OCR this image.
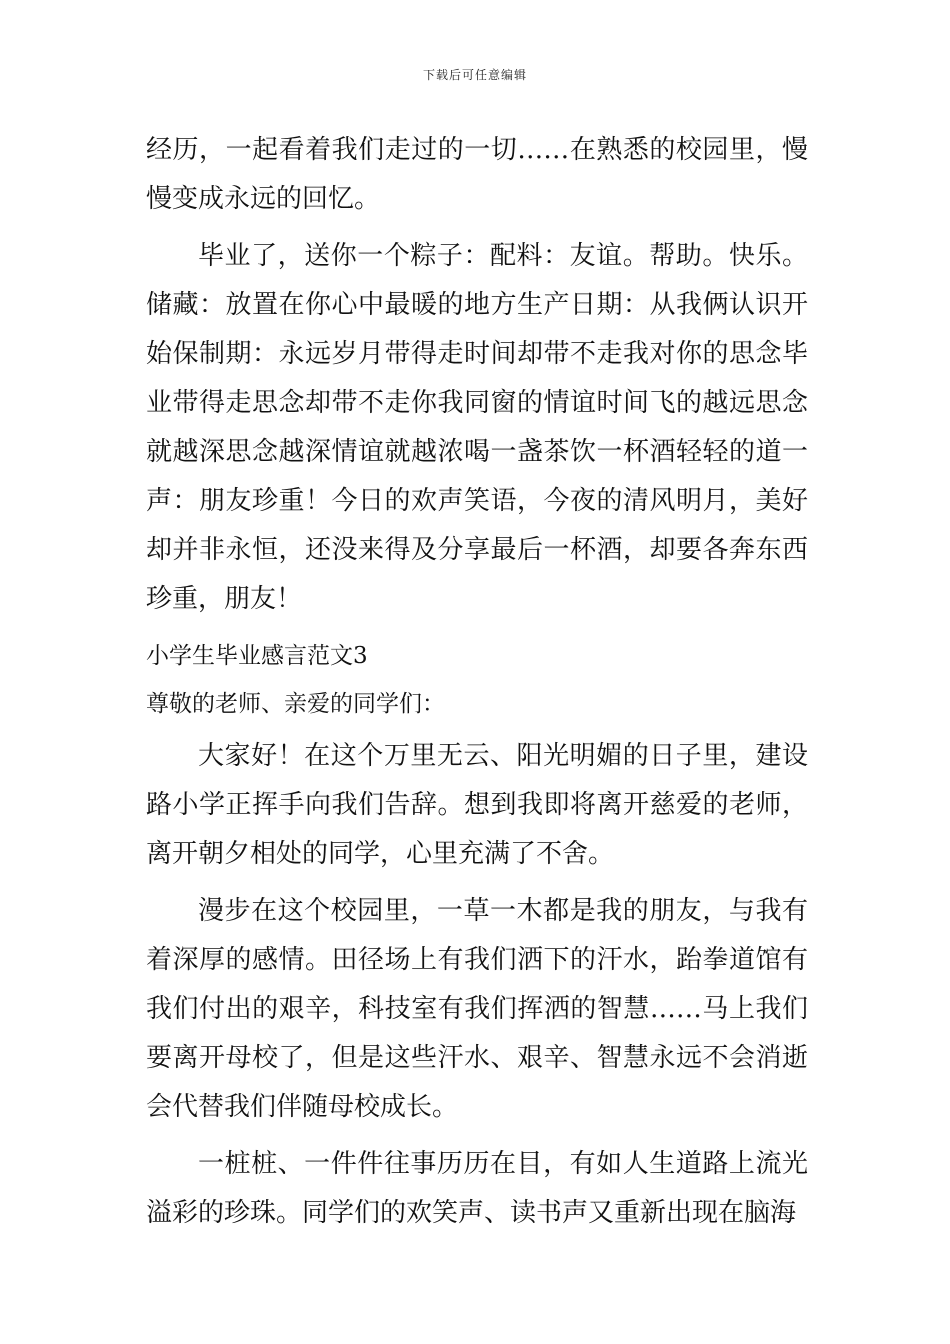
下载后可任意编辑

经历，一起看着我们走过的一切……在熟悉的校园里，慢慢变成永远的回忆。

毕业了，送你一个粽子：配料：友谊。帮助。快乐。储藏：放置在你心中最暖的地方生产日期：从我俩认识开始保制期：永远岁月带得走时间却带不走我对你的思念毕业带得走思念却带不走你我同窗的情谊时间飞的越远思念就越深思念越深情谊就越浓喝一盏茶饮一杯酒轻轻的道一声：朋友珍重！今日的欢声笑语，今夜的清风明月，美好却并非永恒，还没来得及分享最后一杯酒，却要各奔东西珍重，朋友！

小学生毕业感言范文3

尊敬的老师、亲爱的同学们：

大家好！在这个万里无云、阳光明媚的日子里，建设路小学正挥手向我们告辞。想到我即将离开慈爱的老师，离开朝夕相处的同学，心里充满了不舍。

漫步在这个校园里，一草一木都是我的朋友，与我有着深厚的感情。田径场上有我们洒下的汗水，跆拳道馆有我们付出的艰辛，科技室有我们挥洒的智慧……马上我们要离开母校了，但是这些汗水、艰辛、智慧永远不会消逝会代替我们伴随母校成长。

一桩桩、一件件往事历历在目，有如人生道路上流光溢彩的珍珠。同学们的欢笑声、读书声又重新出现在脑海
